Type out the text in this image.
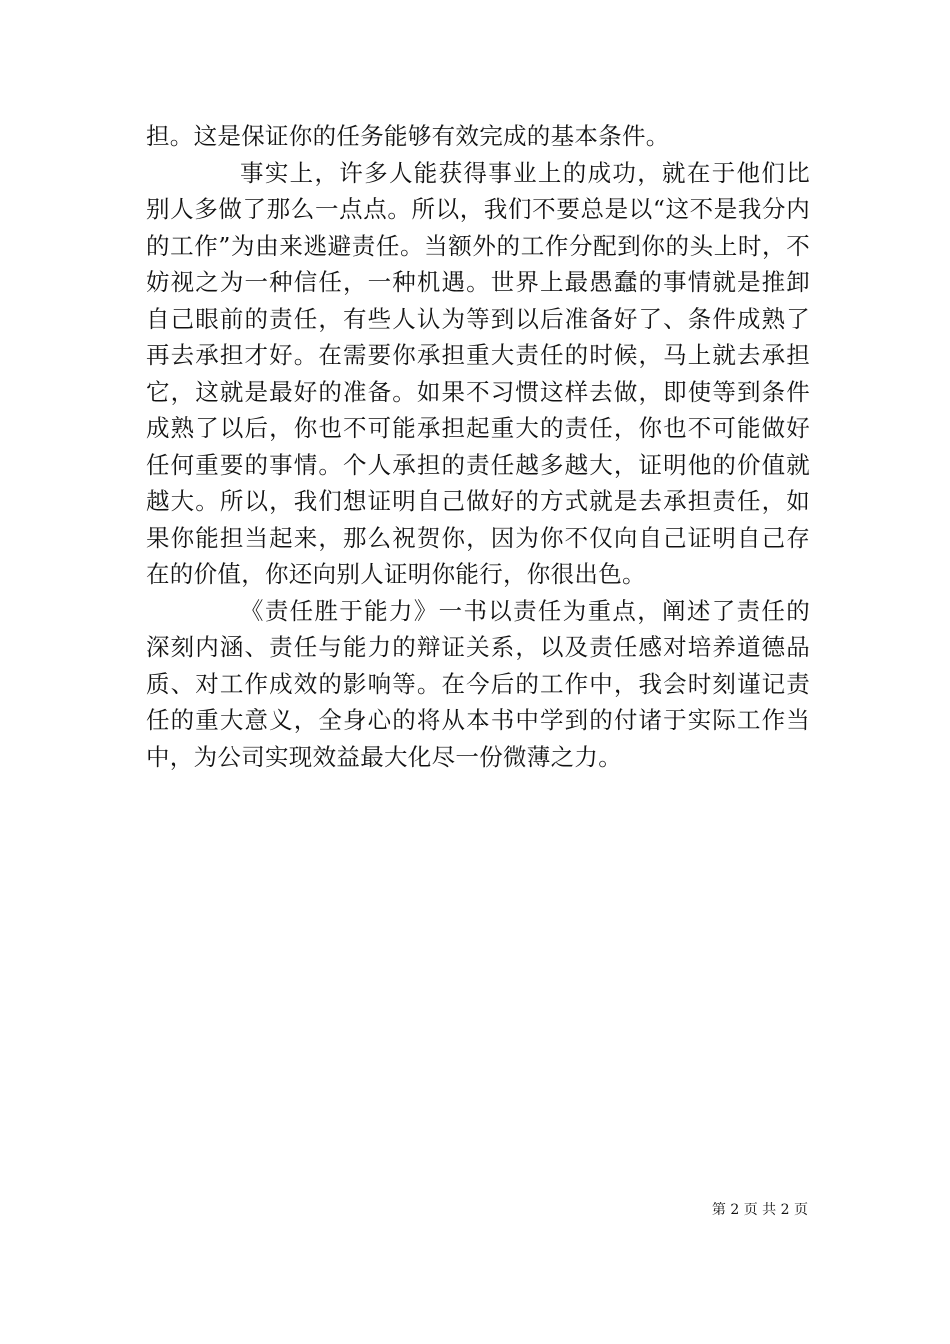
担。这是保证你的任务能够有效完成的基本条件。

事实上，许多人能获得事业上的成功，就在于他们比别人多做了那么一点点。所以，我们不要总是以“这不是我分内的工作”为由来逃避责任。当额外的工作分配到你的头上时，不妨视之为一种信任，一种机遇。世界上最愚蠢的事情就是推卸自己眼前的责任，有些人认为等到以后准备好了、条件成熟了再去承担才好。在需要你承担重大责任的时候，马上就去承担它，这就是最好的准备。如果不习惯这样去做，即使等到条件成熟了以后，你也不可能承担起重大的责任，你也不可能做好任何重要的事情。个人承担的责任越多越大，证明他的价值就越大。所以，我们想证明自己做好的方式就是去承担责任，如果你能担当起来，那么祝贺你，因为你不仅向自己证明自己存在的价值，你还向别人证明你能行，你很出色。

《责任胜于能力》一书以责任为重点，阐述了责任的深刻内涵、责任与能力的辩证关系，以及责任感对培养道德品质、对工作成效的影响等。在今后的工作中，我会时刻谨记责任的重大意义，全身心的将从本书中学到的付诸于实际工作当中，为公司实现效益最大化尽一份微薄之力。

第 2 页 共 2 页
